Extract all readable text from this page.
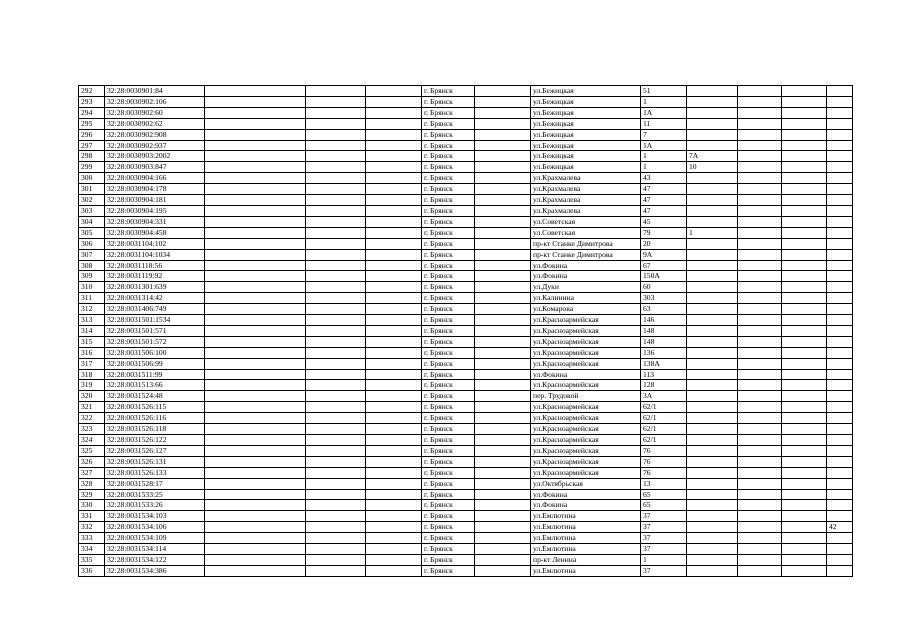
292	32:28:0030901:84				г. Брянск		ул.Бежицкая	51				
293	32:28:0030902:106				г. Брянск		ул.Бежицкая	1				
294	32:28:0030902:60				г. Брянск		ул.Бежицкая	1А				
295	32:28:0030902:62				г. Брянск		ул.Бежицкая	11				
296	32:28:0030902:908				г. Брянск		ул.Бежицкая	7				
297	32:28:0030902:937				г. Брянск		ул.Бежицкая	1А				
298	32:28:0030903:2002				г. Брянск		ул.Бежицкая	1	7А			
299	32:28:0030903:847				г. Брянск		ул.Бежицкая	1	10			
300	32:28:0030904:166				г. Брянск		ул.Крахмалева	43				
301	32:28:0030904:178				г. Брянск		ул.Крахмалева	47				
302	32:28:0030904:181				г. Брянск		ул.Крахмалева	47				
303	32:28:0030904:195				г. Брянск		ул.Крахмалева	47				
304	32:28:0030904:331				г. Брянск		ул.Советская	45				
305	32:28:0030904:458				г. Брянск		ул.Советская	79	1			
306	32:28:0031104:102				г. Брянск		пр-кт Станке Димитрова	20				
307	32:28:0031104:1034				г. Брянск		пр-кт Станке Димитрова	9А				
308	32:28:0031118:56				г. Брянск		ул.Фокина	67				
309	32:28:0031119:92				г. Брянск		ул.Фокина	150А				
310	32:28:0031301:639				г. Брянск		ул.Дуки	60				
311	32:28:0031314:42				г. Брянск		ул.Калинина	303				
312	32:28:0031406:749				г. Брянск		ул.Комарова	63				
313	32:28:0031501:1534				г. Брянск		ул.Красноармейская	146				
314	32:28:0031501:571				г. Брянск		ул.Красноармейская	148				
315	32:28:0031501:572				г. Брянск		ул.Красноармейская	148				
316	32:28:0031506:100				г. Брянск		ул.Красноармейская	136				
317	32:28:0031506:99				г. Брянск		ул.Красноармейская	138А				
318	32:28:0031511:99				г. Брянск		ул.Фокина	113				
319	32:28:0031513:66				г. Брянск		ул.Красноармейская	128				
320	32:28:0031524:48				г. Брянск		пер. Трудовой	3А				
321	32:28:0031526:115				г. Брянск		ул.Красноармейская	62/1				
322	32:28:0031526:116				г. Брянск		ул.Красноармейская	62/1				
323	32:28:0031526:118				г. Брянск		ул.Красноармейская	62/1				
324	32:28:0031526:122				г. Брянск		ул.Красноармейская	62/1				
325	32:28:0031526:127				г. Брянск		ул.Красноармейская	76				
326	32:28:0031526:131				г. Брянск		ул.Красноармейская	76				
327	32:28:0031526:133				г. Брянск		ул.Красноармейская	76				
328	32:28:0031528:17				г. Брянск		ул.Октябрьская	13				
329	32:28:0031533:25				г. Брянск		ул.Фокина	65				
330	32:28:0031533:26				г. Брянск		ул.Фокина	65				
331	32:28:0031534:103				г. Брянск		ул.Емлютина	37				
332	32:28:0031534:106				г. Брянск		ул.Емлютина	37				42
333	32:28:0031534:109				г. Брянск		ул.Емлютина	37				
334	32:28:0031534:114				г. Брянск		ул.Емлютина	37				
335	32:28:0031534:122				г. Брянск		пр-кт Ленина	1				
336	32:28:0031534:386				г. Брянск		ул.Емлютина	37				
